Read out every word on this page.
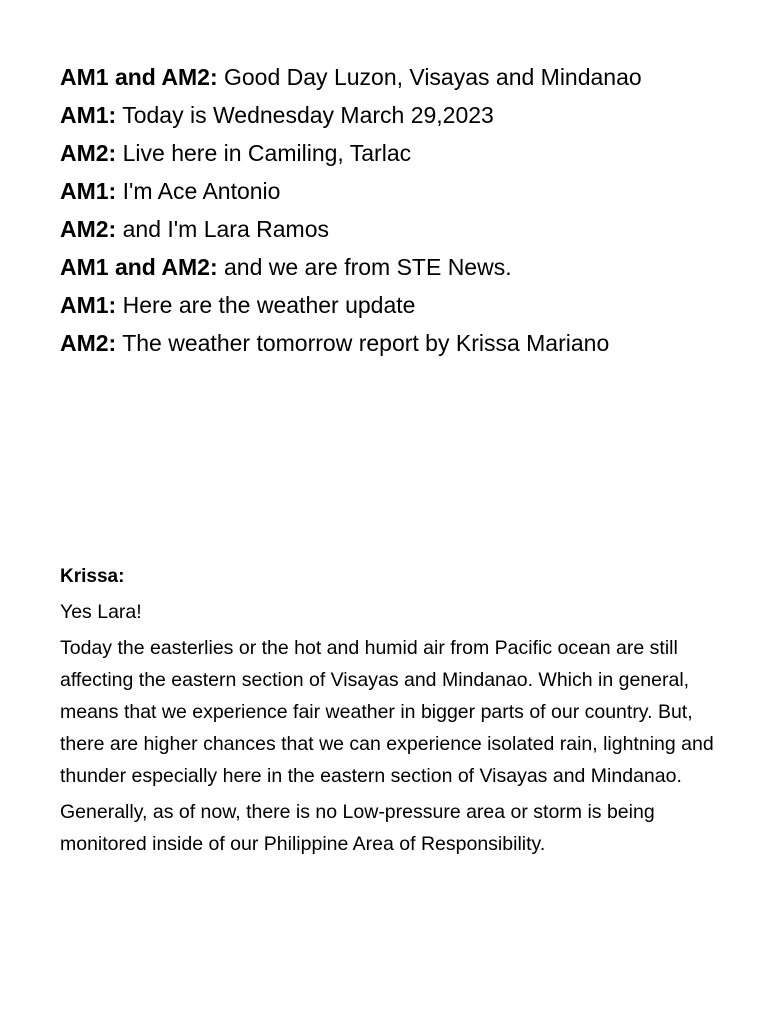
AM1 and AM2: Good Day Luzon, Visayas and Mindanao

AM1: Today is Wednesday March 29,2023

AM2: Live here in Camiling, Tarlac

AM1: I'm Ace Antonio

AM2: and I'm Lara Ramos

AM1 and AM2: and we are from STE News.

AM1: Here are the weather update

AM2: The weather tomorrow report by Krissa Mariano

Krissa:

Yes Lara!

Today the easterlies or the hot and humid air from Pacific ocean are still affecting the eastern section of Visayas and Mindanao. Which in general, means that we experience fair weather in bigger parts of our country. But, there are higher chances that we can experience isolated rain, lightning and thunder especially here in the eastern section of Visayas and Mindanao.

Generally, as of now, there is no Low-pressure area or storm is being monitored inside of our Philippine Area of Responsibility.
